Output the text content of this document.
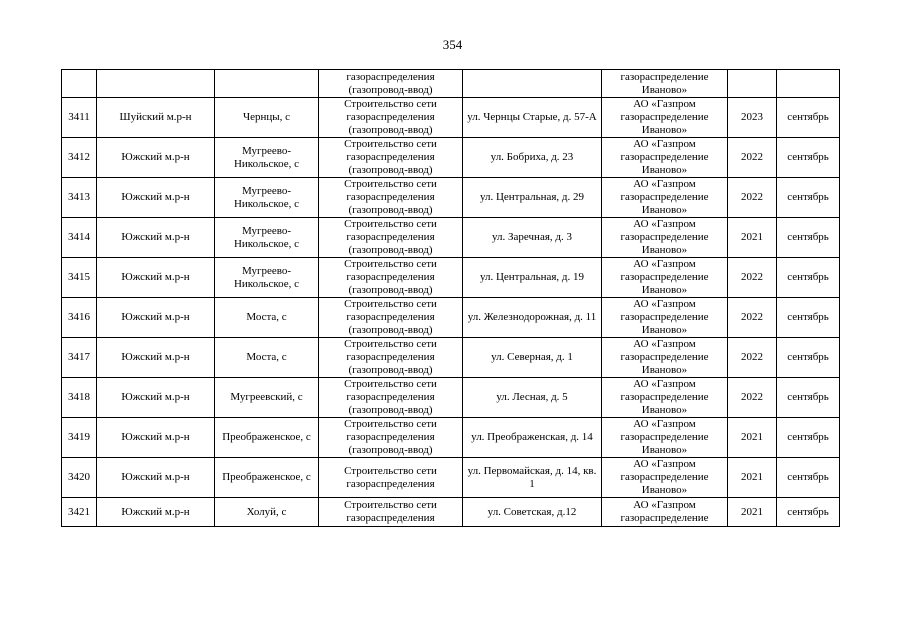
354

			газораспределения
(газопровод-ввод)		газораспределение
Иваново»		

3411	Шуйский м.р-н	Чернцы, с	Строительство сети
газораспределения
(газопровод-ввод)	ул. Чернцы Старые, д. 57-А	АО «Газпром
газораспределение
Иваново»	2023	сентябрь
3412	Южский м.р-н	Мугреево-Никольское, с	Строительство сети
газораспределения
(газопровод-ввод)	ул. Бобриха, д. 23	АО «Газпром
газораспределение
Иваново»	2022	сентябрь
3413	Южский м.р-н	Мугреево-Никольское, с	Строительство сети
газораспределения
(газопровод-ввод)	ул. Центральная, д. 29	АО «Газпром
газораспределение
Иваново»	2022	сентябрь
3414	Южский м.р-н	Мугреево-Никольское, с	Строительство сети
газораспределения
(газопровод-ввод)	ул. Заречная, д. 3	АО «Газпром
газораспределение
Иваново»	2021	сентябрь
3415	Южский м.р-н	Мугреево-Никольское, с	Строительство сети
газораспределения
(газопровод-ввод)	ул. Центральная, д. 19	АО «Газпром
газораспределение
Иваново»	2022	сентябрь
3416	Южский м.р-н	Моста, с	Строительство сети
газораспределения
(газопровод-ввод)	ул. Железнодорожная, д. 11	АО «Газпром
газораспределение
Иваново»	2022	сентябрь
3417	Южский м.р-н	Моста, с	Строительство сети
газораспределения
(газопровод-ввод)	ул. Северная, д. 1	АО «Газпром
газораспределение
Иваново»	2022	сентябрь
3418	Южский м.р-н	Мугреевский, с	Строительство сети
газораспределения
(газопровод-ввод)	ул. Лесная, д. 5	АО «Газпром
газораспределение
Иваново»	2022	сентябрь
3419	Южский м.р-н	Преображенское, с	Строительство сети
газораспределения
(газопровод-ввод)	ул. Преображенская, д. 14	АО «Газпром
газораспределение
Иваново»	2021	сентябрь
3420	Южский м.р-н	Преображенское, с	Строительство сети
газораспределения	ул. Первомайская, д. 14, кв. 1	АО «Газпром
газораспределение
Иваново»	2021	сентябрь
3421	Южский м.р-н	Холуй, с	Строительство сети
газораспределения	ул. Советская, д.12	АО «Газпром
газораспределение	2021	сентябрь
